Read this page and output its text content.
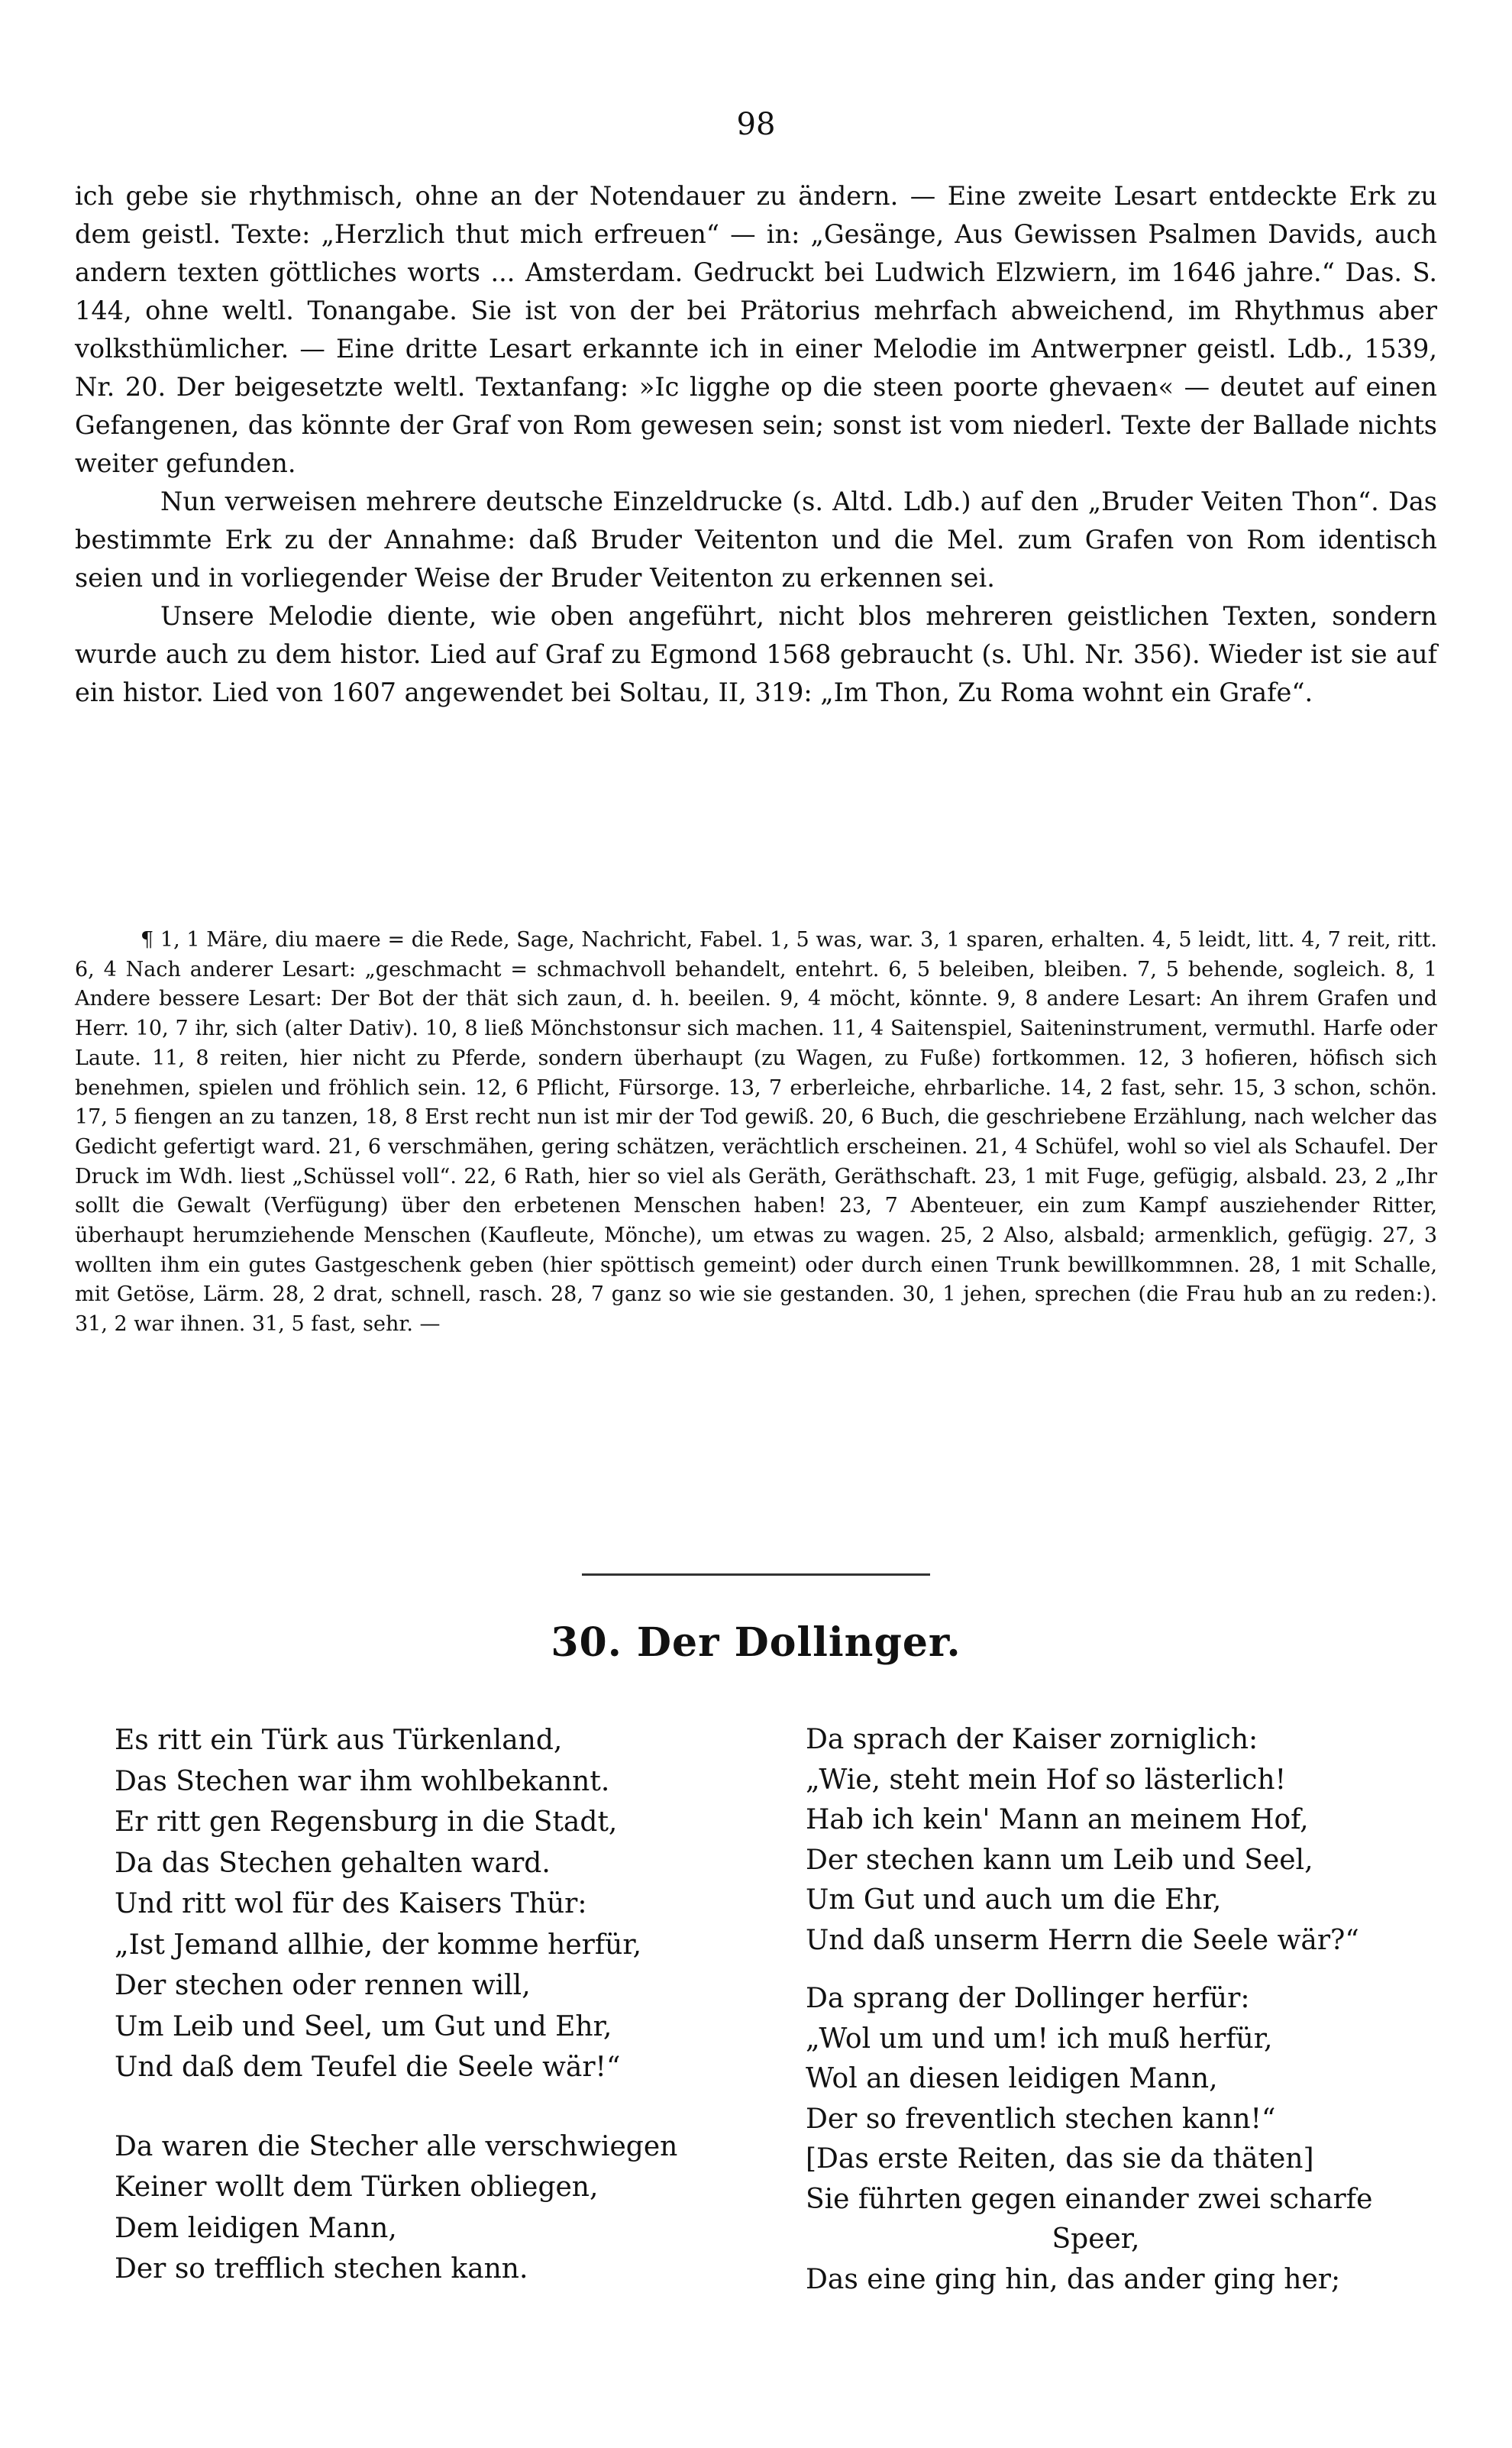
98

ich gebe sie rhythmisch, ohne an der Notendauer zu ändern. — Eine zweite Lesart entdeckte Erk zu dem geistl. Texte: „Herzlich thut mich erfreuen“ — in: „Gesänge, Aus Gewissen Psalmen Davids, auch andern texten göttliches worts ... Amsterdam. Gedruckt bei Ludwich Elzwiern, im 1646 jahre.“ Das. S. 144, ohne weltl. Tonangabe. Sie ist von der bei Prätorius mehrfach abweichend, im Rhythmus aber volksthümlicher. — Eine dritte Lesart erkannte ich in einer Melodie im Antwerpner geistl. Ldb., 1539, Nr. 20. Der beigesetzte weltl. Textanfang: »Ic ligghe op die steen poorte ghevaen« — deutet auf einen Gefangenen, das könnte der Graf von Rom gewesen sein; sonst ist vom niederl. Texte der Ballade nichts weiter gefunden.

Nun verweisen mehrere deutsche Einzeldrucke (s. Altd. Ldb.) auf den „Bruder Veiten Thon“. Das bestimmte Erk zu der Annahme: daß Bruder Veitenton und die Mel. zum Grafen von Rom identisch seien und in vorliegender Weise der Bruder Veitenton zu erkennen sei.

Unsere Melodie diente, wie oben angeführt, nicht blos mehreren geistlichen Texten, sondern wurde auch zu dem histor. Lied auf Graf zu Egmond 1568 gebraucht (s. Uhl. Nr. 356). Wieder ist sie auf ein histor. Lied von 1607 angewendet bei Soltau, II, 319: „Im Thon, Zu Roma wohnt ein Grafe“.

¶ 1, 1 Märe, diu maere = die Rede, Sage, Nachricht, Fabel. 1, 5 was, war. 3, 1 sparen, erhalten. 4, 5 leidt, litt. 4, 7 reit, ritt. 6, 4 Nach anderer Lesart: „geschmacht = schmachvoll behandelt, entehrt. 6, 5 beleiben, bleiben. 7, 5 behende, sogleich. 8, 1 Andere bessere Lesart: Der Bot der thät sich zaun, d. h. beeilen. 9, 4 möcht, könnte. 9, 8 andere Lesart: An ihrem Grafen und Herr. 10, 7 ihr, sich (alter Dativ). 10, 8 ließ Mönchstonsur sich machen. 11, 4 Saitenspiel, Saiteninstrument, vermuthl. Harfe oder Laute. 11, 8 reiten, hier nicht zu Pferde, sondern überhaupt (zu Wagen, zu Fuße) fortkommen. 12, 3 hofieren, höfisch sich benehmen, spielen und fröhlich sein. 12, 6 Pflicht, Fürsorge. 13, 7 erberleiche, ehrbarliche. 14, 2 fast, sehr. 15, 3 schon, schön. 17, 5 fiengen an zu tanzen, 18, 8 Erst recht nun ist mir der Tod gewiß. 20, 6 Buch, die geschriebene Erzählung, nach welcher das Gedicht gefertigt ward. 21, 6 verschmähen, gering schätzen, verächtlich erscheinen. 21, 4 Schüfel, wohl so viel als Schaufel. Der Druck im Wdh. liest „Schüssel voll“. 22, 6 Rath, hier so viel als Geräth, Geräthschaft. 23, 1 mit Fuge, gefügig, alsbald. 23, 2 „Ihr sollt die Gewalt (Verfügung) über den erbetenen Menschen haben! 23, 7 Abenteuer, ein zum Kampf ausziehender Ritter, überhaupt herumziehende Menschen (Kaufleute, Mönche), um etwas zu wagen. 25, 2 Also, alsbald; armenklich, gefügig. 27, 3 wollten ihm ein gutes Gastgeschenk geben (hier spöttisch gemeint) oder durch einen Trunk bewillkommnen. 28, 1 mit Schalle, mit Getöse, Lärm. 28, 2 drat, schnell, rasch. 28, 7 ganz so wie sie gestanden. 30, 1 jehen, sprechen (die Frau hub an zu reden:). 31, 2 war ihnen. 31, 5 fast, sehr. —

30. Der Dollinger.
Es ritt ein Türk aus Türkenland,
Das Stechen war ihm wohlbekannt.
Er ritt gen Regensburg in die Stadt,
Da das Stechen gehalten ward.
Und ritt wol für des Kaisers Thür:
„Ist Jemand allhie, der komme herfür,
Der stechen oder rennen will,
Um Leib und Seel, um Gut und Ehr,
Und daß dem Teufel die Seele wär!“
Da waren die Stecher alle verschwiegen
Keiner wollt dem Türken obliegen,
Dem leidigen Mann,
Der so trefflich stechen kann.
Da sprach der Kaiser zorniglich:
„Wie, steht mein Hof so lästerlich!
Hab ich kein' Mann an meinem Hof,
Der stechen kann um Leib und Seel,
Um Gut und auch um die Ehr,
Und daß unserm Herrn die Seele wär?“
Da sprang der Dollinger herfür:
„Wol um und um! ich muß herfür,
Wol an diesen leidigen Mann,
Der so freventlich stechen kann!“
[Das erste Reiten, das sie da thäten]
Sie führten gegen einander zwei scharfe
Speer,
Das eine ging hin, das ander ging her;
